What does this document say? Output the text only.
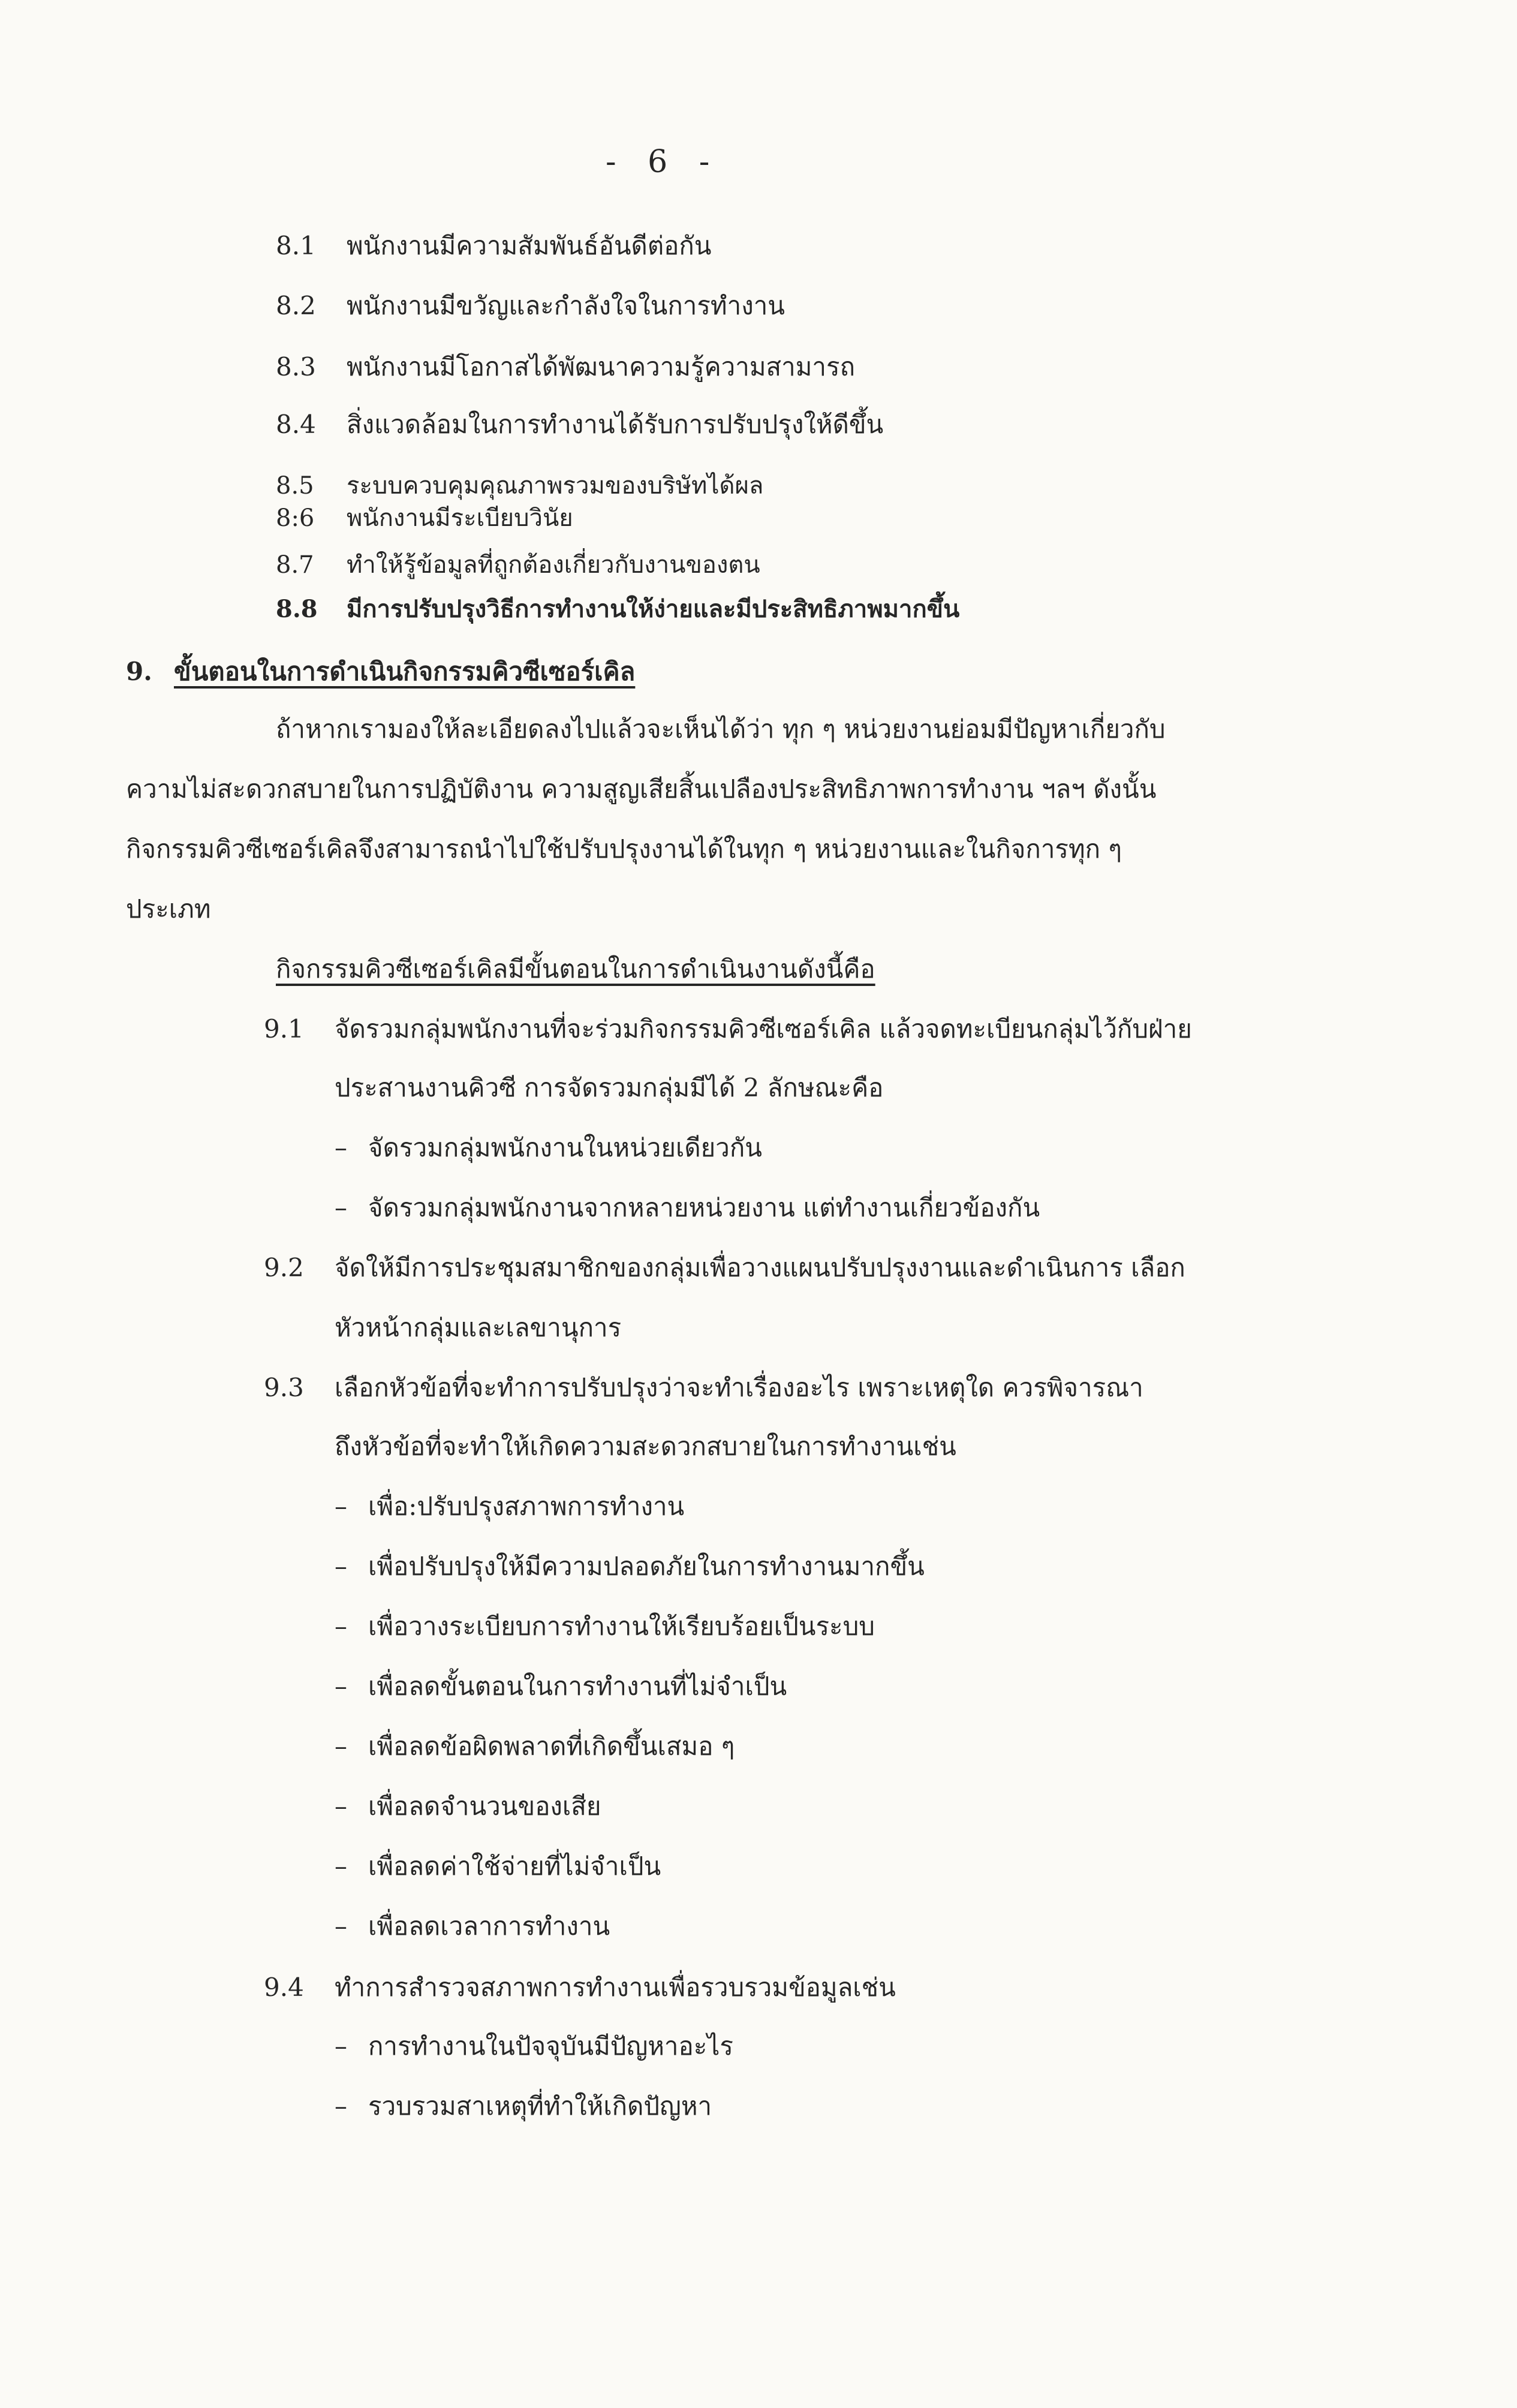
- 6 -
8.1 พนักงานมีความสัมพันธ์อันดีต่อกัน
8.2 พนักงานมีขวัญและกำลังใจในการทำงาน
8.3 พนักงานมีโอกาสได้พัฒนาความรู้ความสามารถ
8.4 สิ่งแวดล้อมในการทำงานได้รับการปรับปรุงให้ดีขึ้น
8.5 ระบบควบคุมคุณภาพรวมของบริษัทได้ผล
8:6 พนักงานมีระเบียบวินัย
8.7 ทำให้รู้ข้อมูลที่ถูกต้องเกี่ยวกับงานของตน
8.8 มีการปรับปรุงวิธีการทำงานให้ง่ายและมีประสิทธิภาพมากขึ้น
9. ขั้นตอนในการดำเนินกิจกรรมคิวซีเซอร์เคิล
ถ้าหากเรามองให้ละเอียดลงไปแล้วจะเห็นได้ว่า ทุก ๆ หน่วยงานย่อมมีปัญหาเกี่ยวกับ
ความไม่สะดวกสบายในการปฏิบัติงาน ความสูญเสียสิ้นเปลืองประสิทธิภาพการทำงาน ฯลฯ ดังนั้น
กิจกรรมคิวซีเซอร์เคิลจึงสามารถนำไปใช้ปรับปรุงงานได้ในทุก ๆ หน่วยงานและในกิจการทุก ๆ
ประเภท
กิจกรรมคิวซีเซอร์เคิลมีขั้นตอนในการดำเนินงานดังนี้คือ
9.1 จัดรวมกลุ่มพนักงานที่จะร่วมกิจกรรมคิวซีเซอร์เคิล แล้วจดทะเบียนกลุ่มไว้กับฝ่าย
ประสานงานคิวซี การจัดรวมกลุ่มมีได้ 2 ลักษณะคือ
– จัดรวมกลุ่มพนักงานในหน่วยเดียวกัน
– จัดรวมกลุ่มพนักงานจากหลายหน่วยงาน แต่ทำงานเกี่ยวข้องกัน
9.2 จัดให้มีการประชุมสมาชิกของกลุ่มเพื่อวางแผนปรับปรุงงานและดำเนินการ เลือก
หัวหน้ากลุ่มและเลขานุการ
9.3 เลือกหัวข้อที่จะทำการปรับปรุงว่าจะทำเรื่องอะไร เพราะเหตุใด ควรพิจารณา
ถึงหัวข้อที่จะทำให้เกิดความสะดวกสบายในการทำงานเช่น
– เพื่อ:ปรับปรุงสภาพการทำงาน
– เพื่อปรับปรุงให้มีความปลอดภัยในการทำงานมากขึ้น
– เพื่อวางระเบียบการทำงานให้เรียบร้อยเป็นระบบ
– เพื่อลดขั้นตอนในการทำงานที่ไม่จำเป็น
– เพื่อลดข้อผิดพลาดที่เกิดขึ้นเสมอ ๆ
– เพื่อลดจำนวนของเสีย
– เพื่อลดค่าใช้จ่ายที่ไม่จำเป็น
– เพื่อลดเวลาการทำงาน
9.4 ทำการสำรวจสภาพการทำงานเพื่อรวบรวมข้อมูลเช่น
– การทำงานในปัจจุบันมีปัญหาอะไร
– รวบรวมสาเหตุที่ทำให้เกิดปัญหา
